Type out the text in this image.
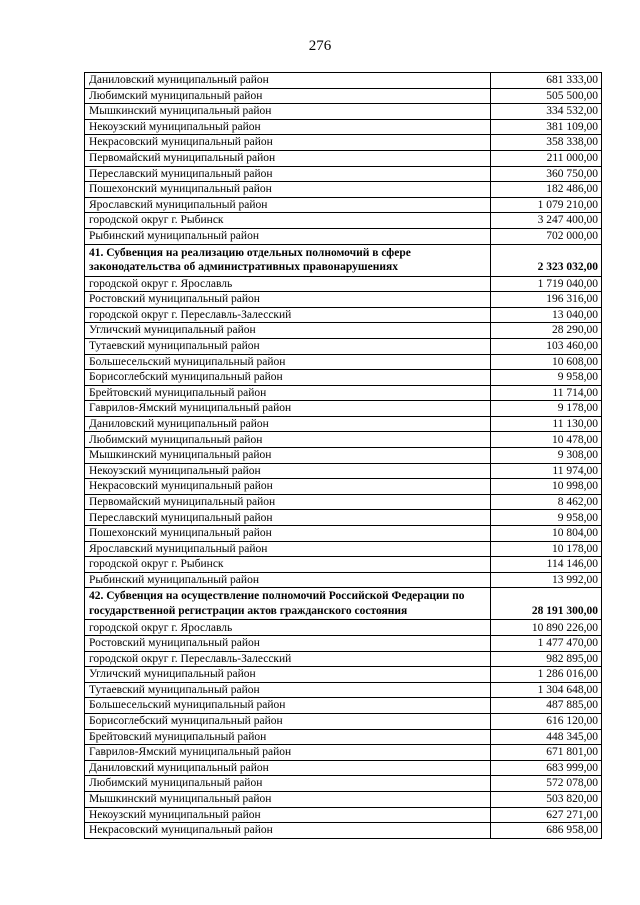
276
Даниловский муниципальный район	681 333,00
Любимский муниципальный район	505 500,00
Мышкинский муниципальный район	334 532,00
Некоузский муниципальный район	381 109,00
Некрасовский муниципальный район	358 338,00
Первомайский муниципальный район	211 000,00
Переславский муниципальный район	360 750,00
Пошехонский муниципальный район	182 486,00
Ярославский муниципальный район	1 079 210,00
городской округ г. Рыбинск	3 247 400,00
Рыбинский муниципальный район	702 000,00
41. Субвенция на реализацию отдельных полномочий в сфере законодательства об административных правонарушениях	2 323 032,00
городской округ г. Ярославль	1 719 040,00
Ростовский муниципальный район	196 316,00
городской округ г. Переславль-Залесский	13 040,00
Угличский муниципальный район	28 290,00
Тутаевский муниципальный район	103 460,00
Большесельский муниципальный район	10 608,00
Борисоглебский муниципальный район	9 958,00
Брейтовский муниципальный район	11 714,00
Гаврилов-Ямский муниципальный район	9 178,00
Даниловский муниципальный район	11 130,00
Любимский муниципальный район	10 478,00
Мышкинский муниципальный район	9 308,00
Некоузский муниципальный район	11 974,00
Некрасовский муниципальный район	10 998,00
Первомайский муниципальный район	8 462,00
Переславский муниципальный район	9 958,00
Пошехонский муниципальный район	10 804,00
Ярославский муниципальный район	10 178,00
городской округ г. Рыбинск	114 146,00
Рыбинский муниципальный район	13 992,00
42. Субвенция на осуществление полномочий Российской Федерации по государственной регистрации актов гражданского состояния	28 191 300,00
городской округ г. Ярославль	10 890 226,00
Ростовский муниципальный район	1 477 470,00
городской округ г. Переславль-Залесский	982 895,00
Угличский муниципальный район	1 286 016,00
Тутаевский муниципальный район	1 304 648,00
Большесельский муниципальный район	487 885,00
Борисоглебский муниципальный район	616 120,00
Брейтовский муниципальный район	448 345,00
Гаврилов-Ямский муниципальный район	671 801,00
Даниловский муниципальный район	683 999,00
Любимский муниципальный район	572 078,00
Мышкинский муниципальный район	503 820,00
Некоузский муниципальный район	627 271,00
Некрасовский муниципальный район	686 958,00
